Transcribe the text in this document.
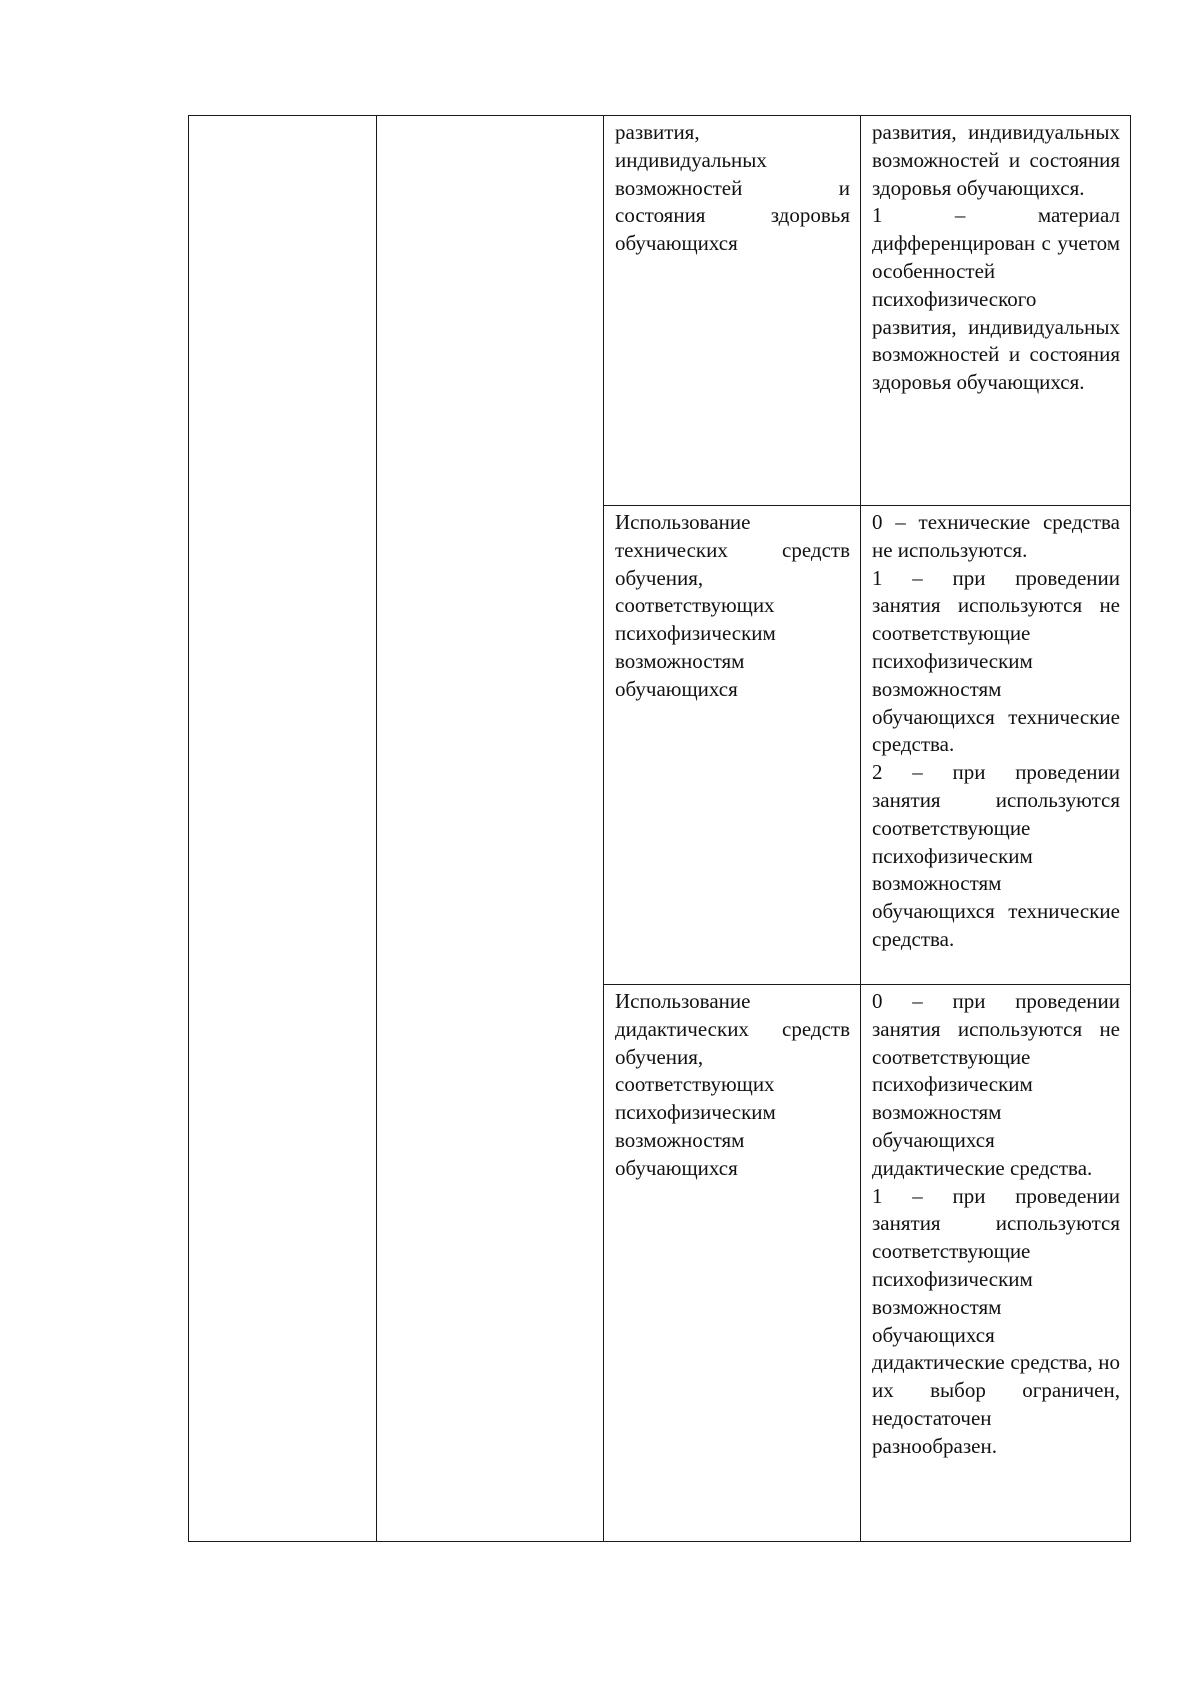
		развития, индивидуальных возможностей и состояния здоровья обучающихся	развития, индивидуальных возможностей и состояния здоровья обучающихся.
1 – материал дифференцирован с учетом особенностей психофизического развития, индивидуальных возможностей и состояния здоровья обучающихся.

		Использование технических средств обучения, соответствующих психофизическим возможностям обучающихся	0 – технические средства не используются.
1 – при проведении занятия используются не соответствующие психофизическим возможностям обучающихся технические средства.
2 – при проведении занятия используются соответствующие психофизическим возможностям обучающихся технические средства.

		Использование дидактических средств обучения, соответствующих психофизическим возможностям обучающихся	0 – при проведении занятия используются не соответствующие психофизическим возможностям обучающихся дидактические средства.
1 – при проведении занятия используются соответствующие психофизическим возможностям обучающихся дидактические средства, но их выбор ограничен, недостаточен разнообразен.
